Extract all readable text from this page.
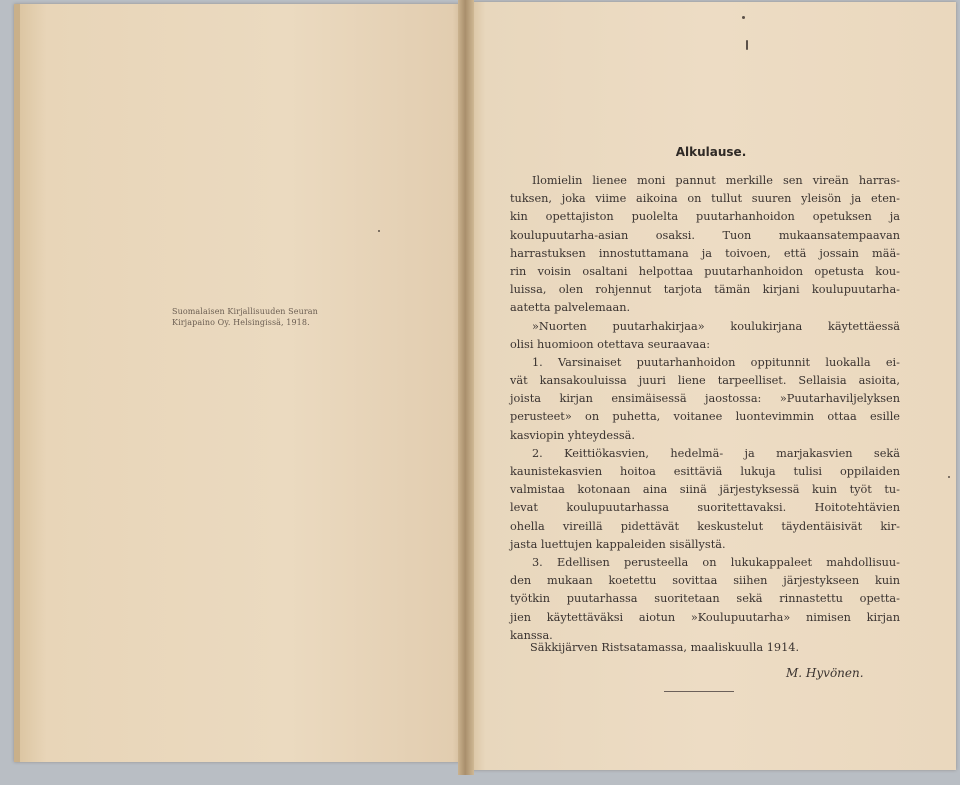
Suomalaisen Kirjallisuuden Seuran
Kirjapaino Oy. Helsingissä, 1918.
Alkulause.
Ilomielin lienee moni pannut merkille sen vireän harras-
tuksen, joka viime aikoina on tullut suuren yleisön ja eten-
kin opettajiston puolelta puutarhanhoidon opetuksen ja
koulupuutarha-asian osaksi. Tuon mukaansatempaavan
harrastuksen innostuttamana ja toivoen, että jossain mää-
rin voisin osaltani helpottaa puutarhanhoidon opetusta kou-
luissa, olen rohjennut tarjota tämän kirjani koulupuutarha-
aatetta palvelemaan.
»Nuorten puutarhakirjaa» koulukirjana käytettäessä
olisi huomioon otettava seuraavaa:
1. Varsinaiset puutarhanhoidon oppitunnit luokalla ei-
vät kansakouluissa juuri liene tarpeelliset. Sellaisia asioita,
joista kirjan ensimäisessä jaostossa: »Puutarhaviljelyksen
perusteet» on puhetta, voitanee luontevimmin ottaa esille
kasviopin yhteydessä.
2. Keittiökasvien, hedelmä- ja marjakasvien sekä
kaunistekasvien hoitoa esittäviä lukuja tulisi oppilaiden
valmistaa kotonaan aina siinä järjestyksessä kuin työt tu-
levat koulupuutarhassa suoritettavaksi. Hoitotehtävien
ohella vireillä pidettävät keskustelut täydentäisivät kir-
jasta luettujen kappaleiden sisällystä.
3. Edellisen perusteella on lukukappaleet mahdollisuu-
den mukaan koetettu sovittaa siihen järjestykseen kuin
työtkin puutarhassa suoritetaan sekä rinnastettu opetta-
jien käytettäväksi aiotun »Koulupuutarha» nimisen kirjan
kanssa.
Säkkijärven Ristsatamassa, maaliskuulla 1914.
M. Hyvönen.
